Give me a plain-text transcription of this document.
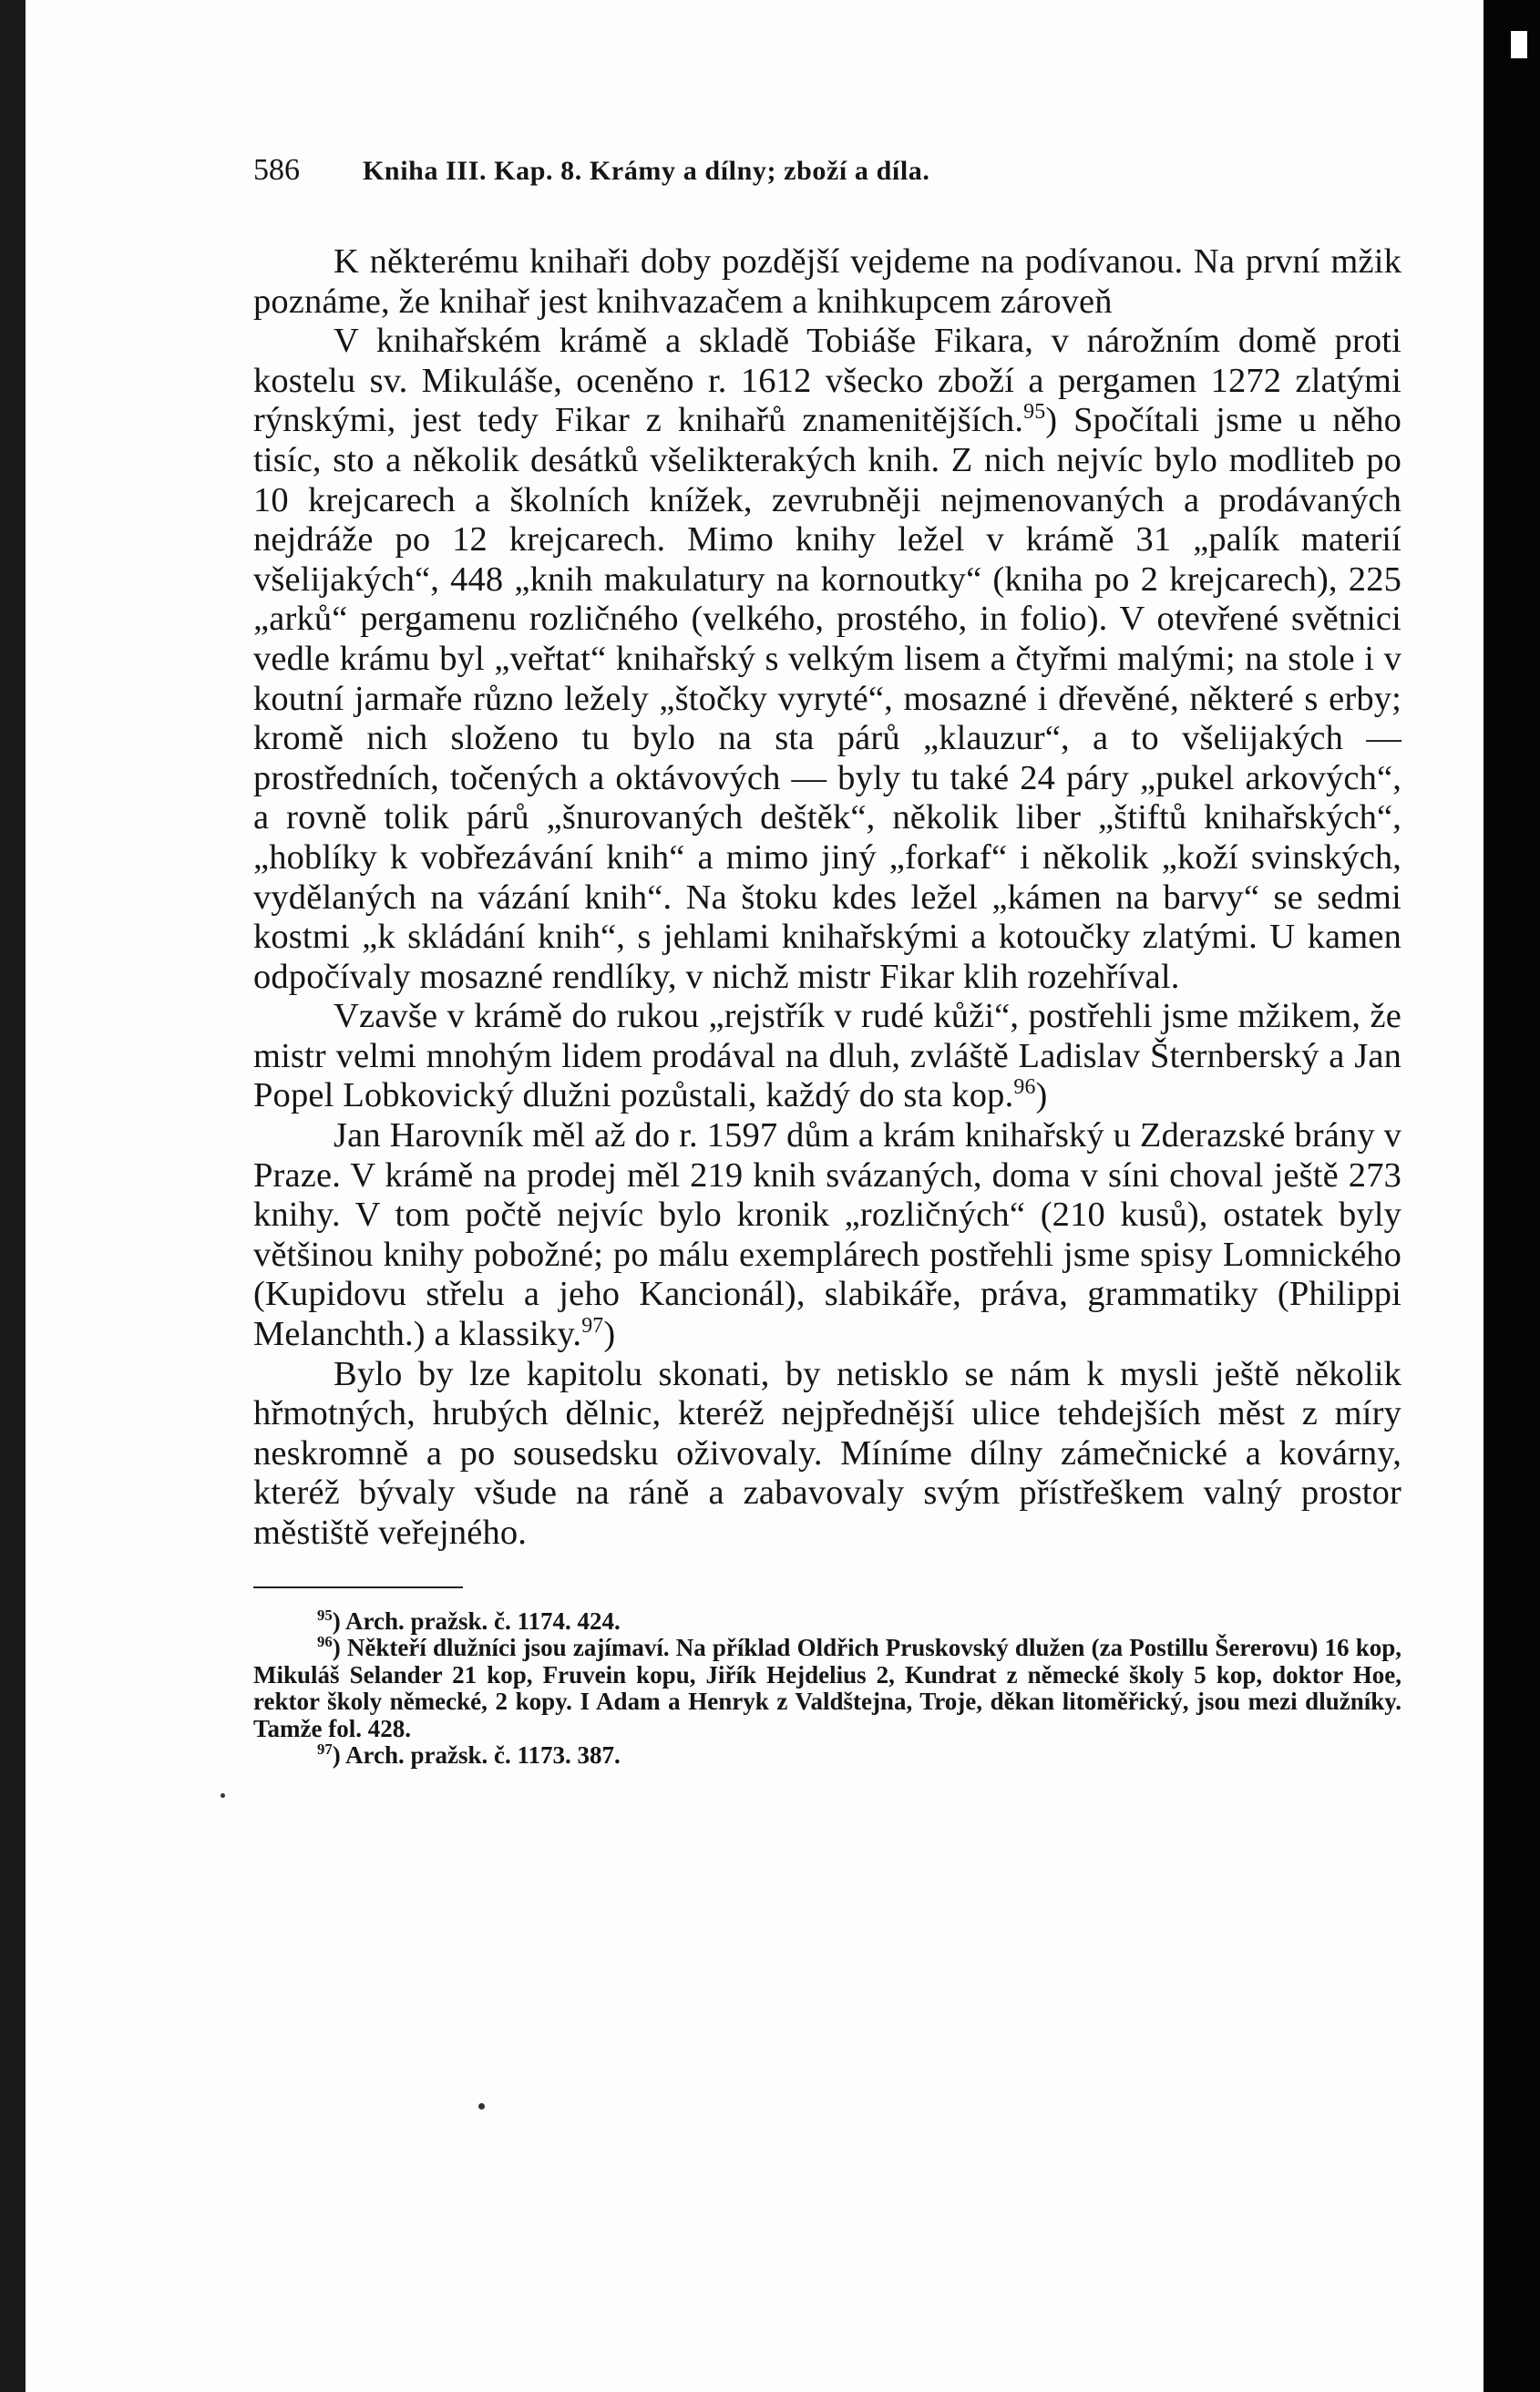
586	Kniha III. Kap. 8. Krámy a dílny; zboží a díla.

K některému knihaři doby pozdější vejdeme na podívanou. Na první mžik poznáme, že knihař jest knihvazačem a knihkupcem zároveň

V knihařském krámě a skladě Tobiáše Fikara, v nárožním domě proti kostelu sv. Mikuláše, oceněno r. 1612 všecko zboží a pergamen 1272 zlatými rýnskými, jest tedy Fikar z knihařů znamenitějších.$^{95}$) Spočítali jsme u něho tisíc, sto a několik desátků všelikterakých knih. Z nich nejvíc bylo modliteb po 10 krejcarech a školních knížek, zevrubněji nejmenovaných a prodávaných nejdráže po 12 krejcarech. Mimo knihy ležel v krámě 31 „palík materií všelijakých“, 448 „knih makulatury na kornoutky“ (kniha po 2 krejcarech), 225 „arků“ pergamenu rozličného (velkého, prostého, in folio). V otevřené světnici vedle krámu byl „veřtat“ knihařský s velkým lisem a čtyřmi malými; na stole i v koutní jarmaře různo ležely „štočky vyryté“, mosazné i dřevěné, některé s erby; kromě nich složeno tu bylo na sta párů „klauzur“, a to všelijakých — prostředních, točených a oktávových — byly tu také 24 páry „pukel arkových“, a rovně tolik párů „šnurovaných deštěk“, několik liber „štiftů knihařských“, „hoblíky k vobřezávání knih“ a mimo jiný „forkaf“ i několik „koží svinských, vydělaných na vázání knih“. Na štoku kdes ležel „kámen na barvy“ se sedmi kostmi „k skládání knih“, s jehlami knihařskými a kotoučky zlatými. U kamen odpočívaly mosazné rendlíky, v nichž mistr Fikar klih rozehříval.

Vzavše v krámě do rukou „rejstřík v rudé kůži“, postřehli jsme mžikem, že mistr velmi mnohým lidem prodával na dluh, zvláště Ladislav Šternberský a Jan Popel Lobkovický dlužni pozůstali, každý do sta kop.$^{96}$)

Jan Harovník měl až do r. 1597 dům a krám knihařský u Zderazské brány v Praze. V krámě na prodej měl 219 knih svázaných, doma v síni choval ještě 273 knihy. V tom počtě nejvíc bylo kronik „rozličných“ (210 kusů), ostatek byly většinou knihy pobožné; po málu exemplárech postřehli jsme spisy Lomnického (Kupidovu střelu a jeho Kancionál), slabikáře, práva, grammatiky (Philippi Melanchth.) a klassiky.$^{97}$)

Bylo by lze kapitolu skonati, by netisklo se nám k mysli ještě několik hřmotných, hrubých dělnic, kteréž nejpřednější ulice tehdejších měst z míry neskromně a po sousedsku oživovaly. Míníme dílny zámečnické a kovárny, kteréž bývaly všude na ráně a zabavovaly svým přístřeškem valný prostor městiště veřejného.

$^{95}$) Arch. pražsk. č. 1174. 424.

$^{96}$) Někteří dlužníci jsou zajímaví. Na příklad Oldřich Pruskovský dlužen (za Postillu Šererovu) 16 kop, Mikuláš Selander 21 kop, Fruvein kopu, Jiřík Hejdelius 2, Kundrat z německé školy 5 kop, doktor Hoe, rektor školy německé, 2 kopy. I Adam a Henryk z Valdštejna, Troje, děkan litoměřický, jsou mezi dlužníky. Tamže fol. 428.

$^{97}$) Arch. pražsk. č. 1173. 387.
